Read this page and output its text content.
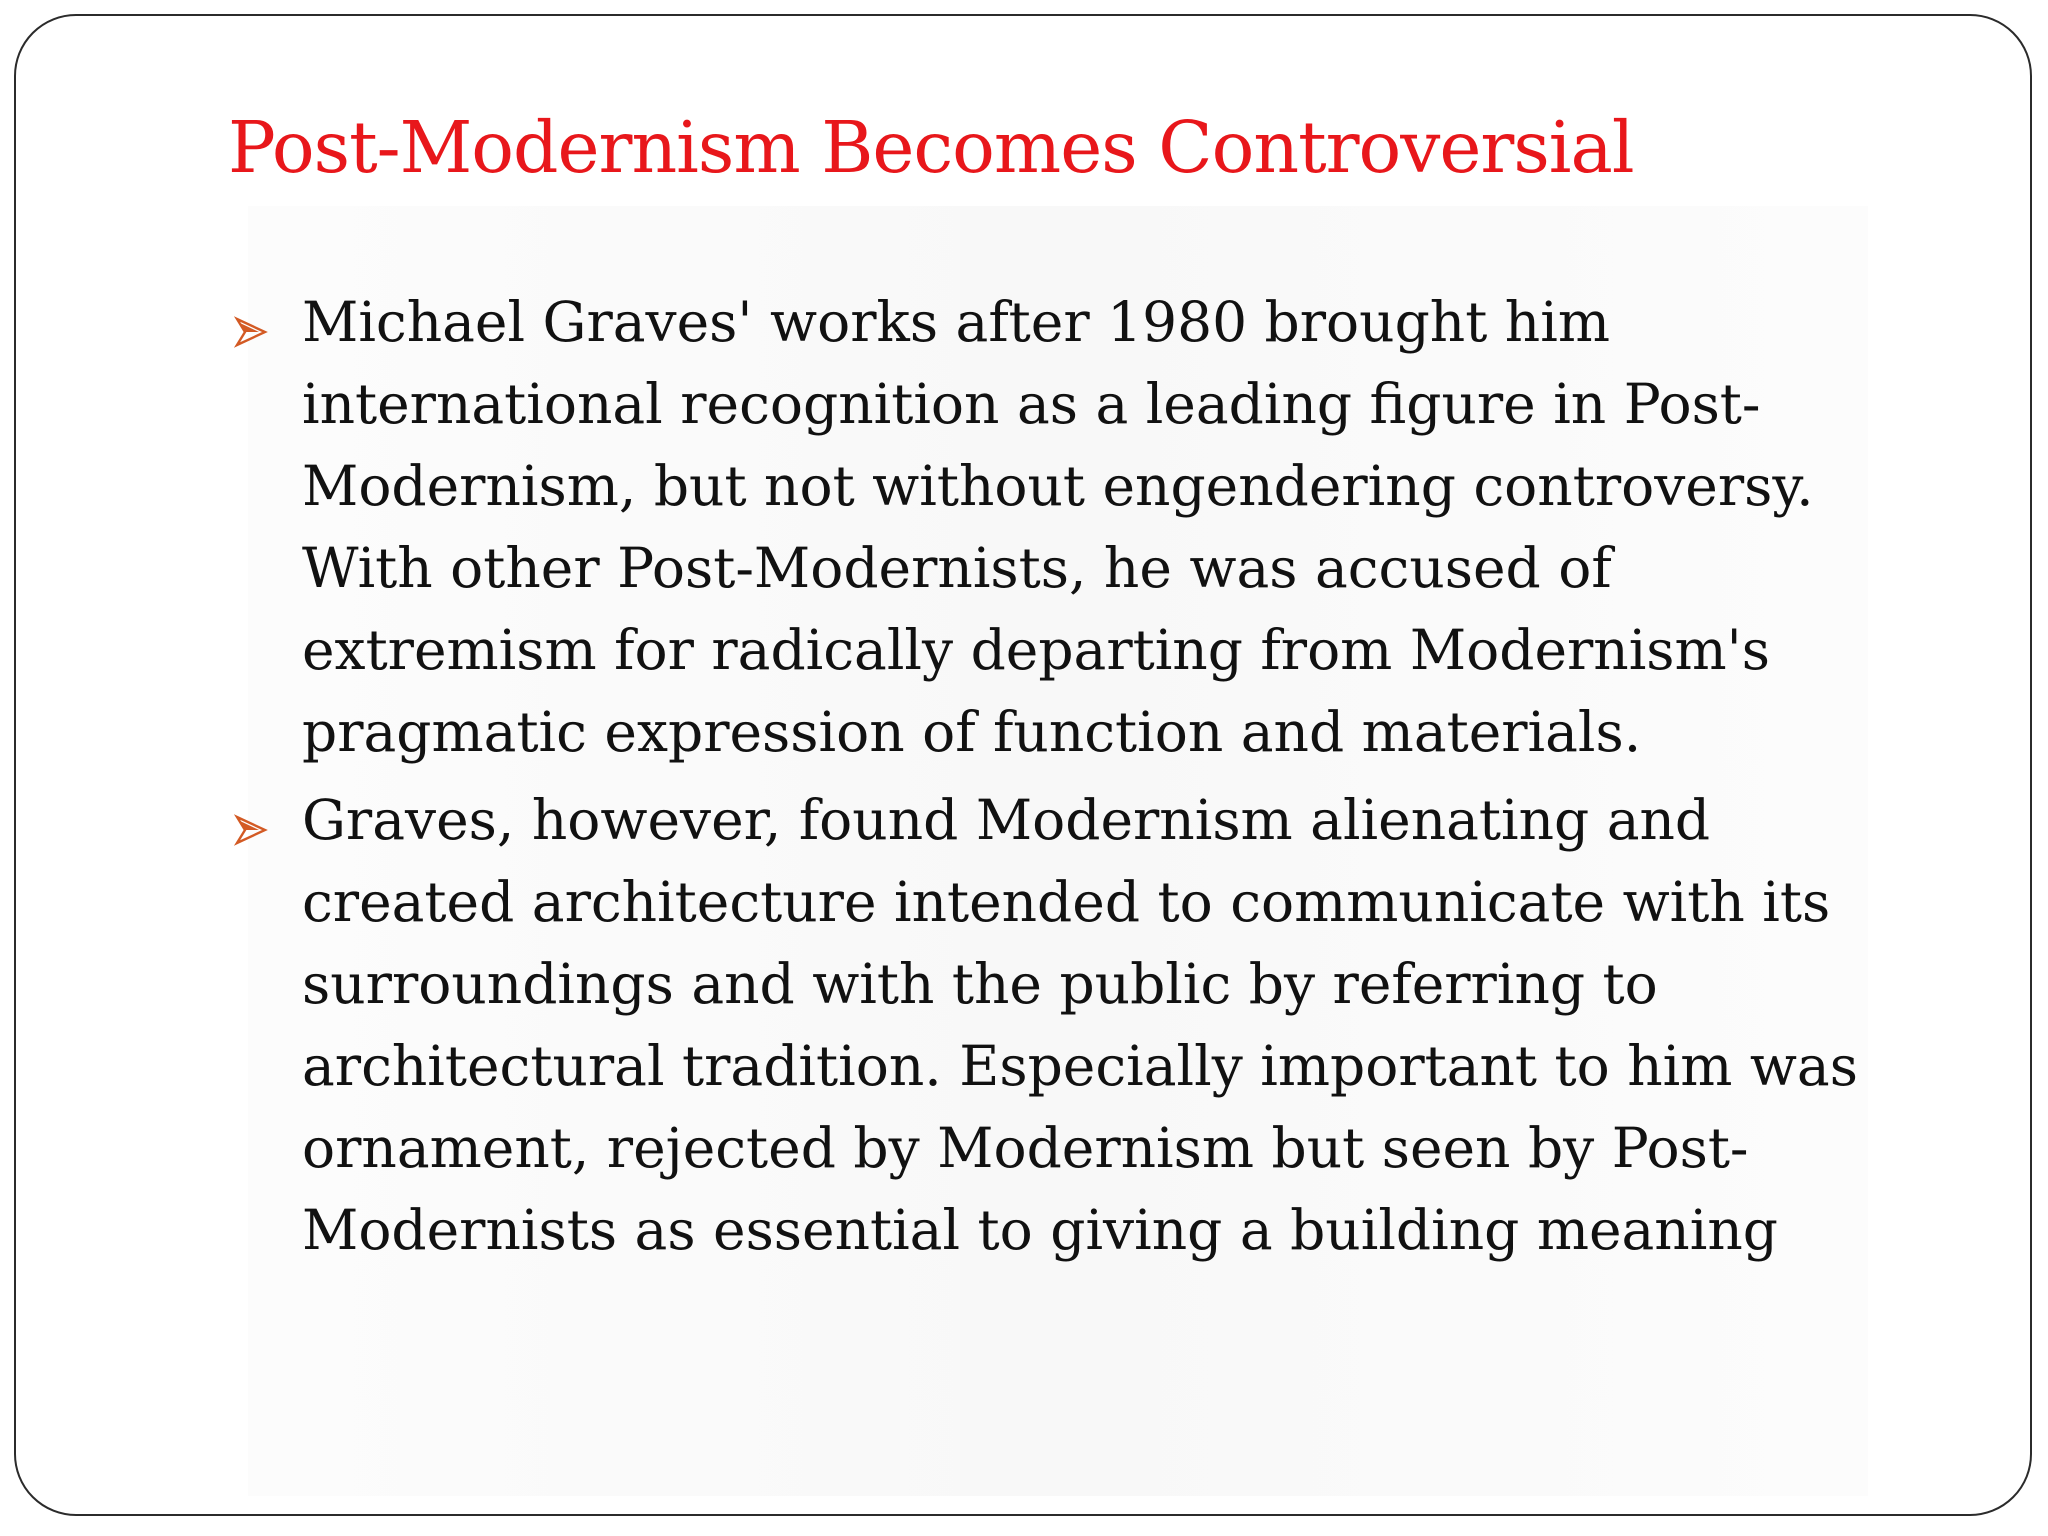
Post-Modernism Becomes Controversial
Michael Graves' works after 1980 brought him
international recognition as a leading figure in Post-
Modernism, but not without engendering controversy.
With other Post-Modernists, he was accused of
extremism for radically departing from Modernism's
pragmatic expression of function and materials.
Graves, however, found Modernism alienating and
created architecture intended to communicate with its
surroundings and with the public by referring to
architectural tradition. Especially important to him was
ornament, rejected by Modernism but seen by Post-
Modernists as essential to giving a building meaning
